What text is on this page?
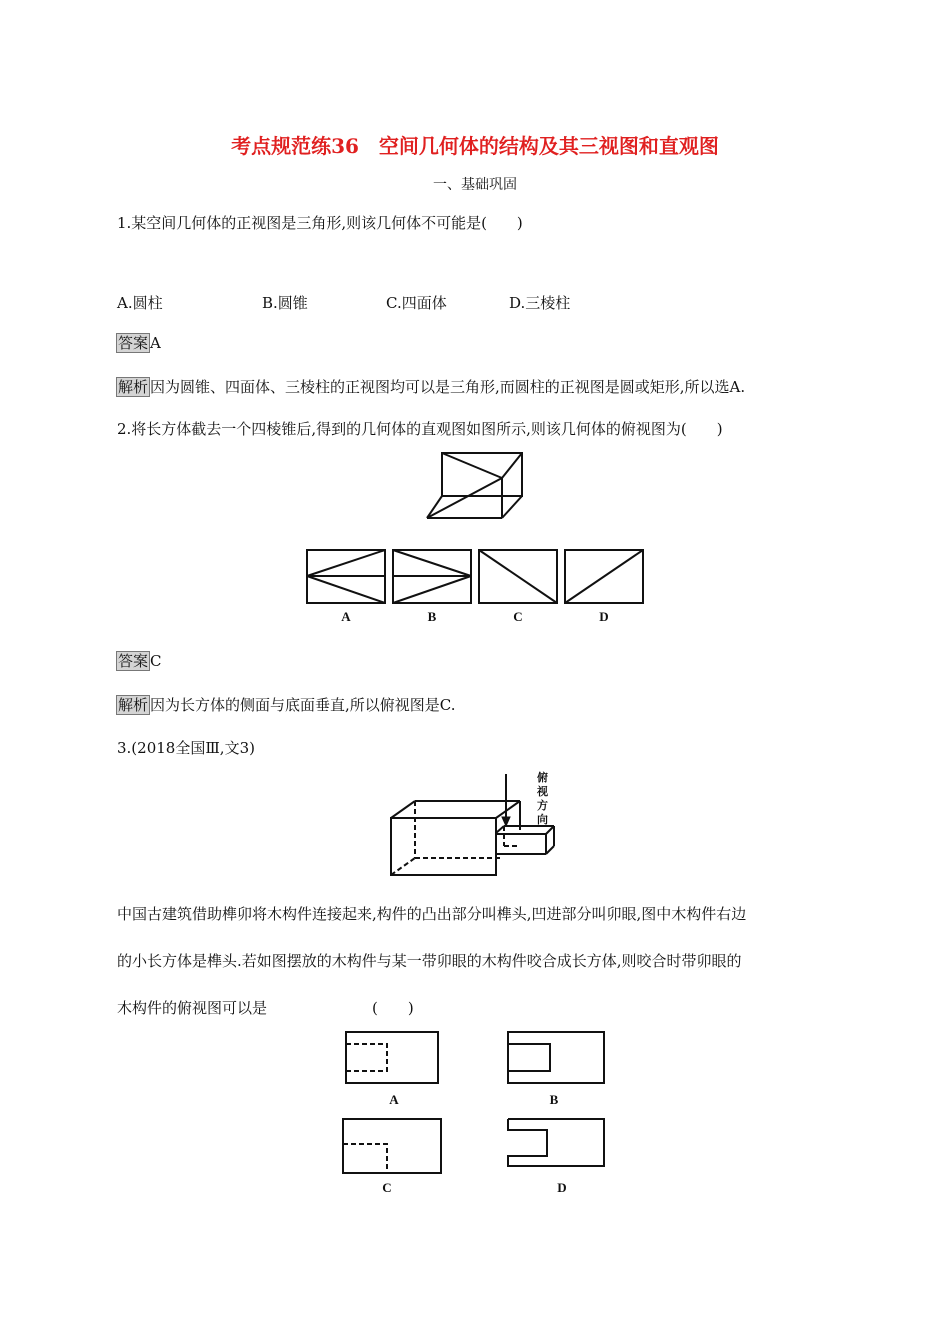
考点规范练36　空间几何体的结构及其三视图和直观图
一、基础巩固
1.某空间几何体的正视图是三角形,则该几何体不可能是(　　)
A.圆柱	B.圆锥	C.四面体	D.三棱柱
答案 A
解析 因为圆锥、四面体、三棱柱的正视图均可以是三角形,而圆柱的正视图是圆或矩形,所以选A.
2.将长方体截去一个四棱锥后,得到的几何体的直观图如图所示,则该几何体的俯视图为(　　)
A	B	C	D
答案 C
解析 因为长方体的侧面与底面垂直,所以俯视图是C.
3.(2018全国Ⅲ,文3)
俯
视
方
向
中国古建筑借助榫卯将木构件连接起来,构件的凸出部分叫榫头,凹进部分叫卯眼,图中木构件右边
的小长方体是榫头.若如图摆放的木构件与某一带卯眼的木构件咬合成长方体,则咬合时带卯眼的
木构件的俯视图可以是　　　　　　　(　　)
A	B
C	D
